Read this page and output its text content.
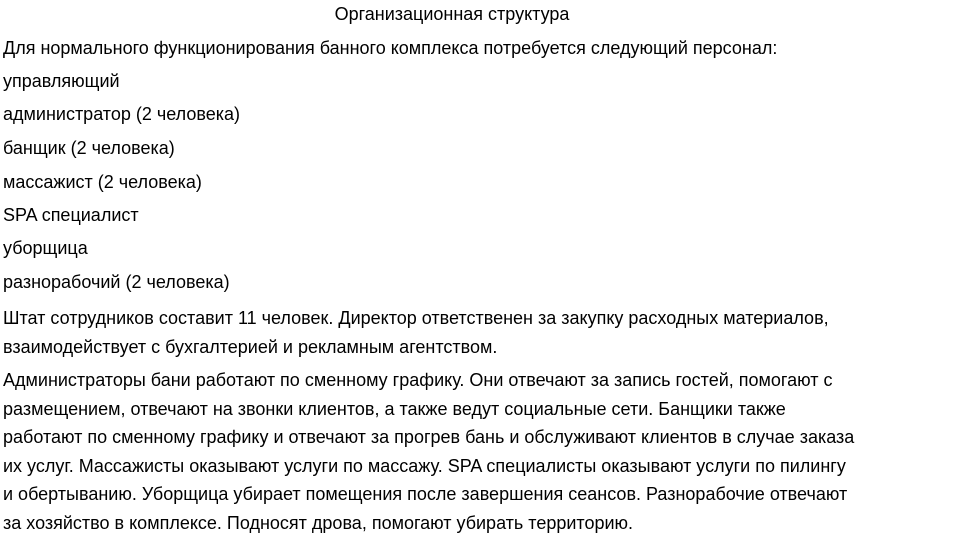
Организационная структура
Для нормального функционирования банного комплекса потребуется следующий персонал:
управляющий
администратор (2 человека)
банщик (2 человека)
массажист (2 человека)
SPA специалист
уборщица
разнорабочий (2 человека)
Штат сотрудников составит 11 человек. Директор ответственен за закупку расходных материалов,
взаимодействует с бухгалтерией и рекламным агентством.
Администраторы бани работают по сменному графику. Они отвечают за запись гостей, помогают с
размещением, отвечают на звонки клиентов, а также ведут социальные сети. Банщики также
работают по сменному графику и отвечают за прогрев бань и обслуживают клиентов в случае заказа
их услуг. Массажисты оказывают услуги по массажу. SPA специалисты оказывают услуги по пилингу
и обертыванию. Уборщица убирает помещения после завершения сеансов. Разнорабочие отвечают
за хозяйство в комплексе. Подносят дрова, помогают убирать территорию.
